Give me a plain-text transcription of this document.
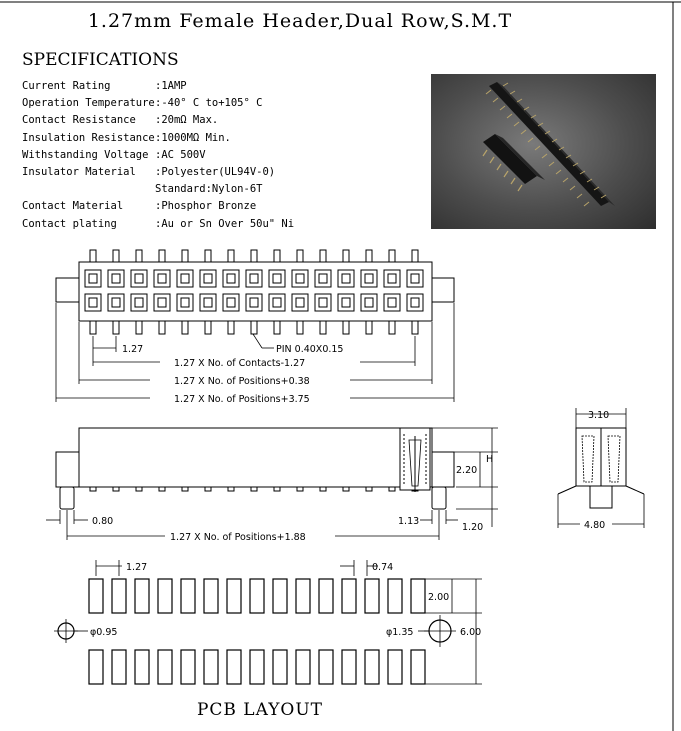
1.27mm Female Header,Dual Row,S.M.T
SPECIFICATIONS
Current Rating	:1AMP
Operation Temperature:-40° C to+105° C
Contact Resistance :20mΩ Max.
Insulation Resistance:1000MΩ Min.
Withstanding Voltage :AC 500V
Insulator Material :Polyester(UL94V-0)
Standard:Nylon-6T
Contact Material	:Phosphor Bronze
Contact plating	:Au or Sn Over 50u" Ni
1.27	PIN 0.40X0.15
1.27 X No. of Contacts-1.27
1.27 X No. of Positions+0.38
1.27 X No. of Positions+3.75
H
2.20
0.80	1.13
1.20
1.27 X No. of Positions+1.88
3.10
4.80
1.27	0.74
2.00
6.00
φ0.95	φ1.35
PCB LAYOUT
